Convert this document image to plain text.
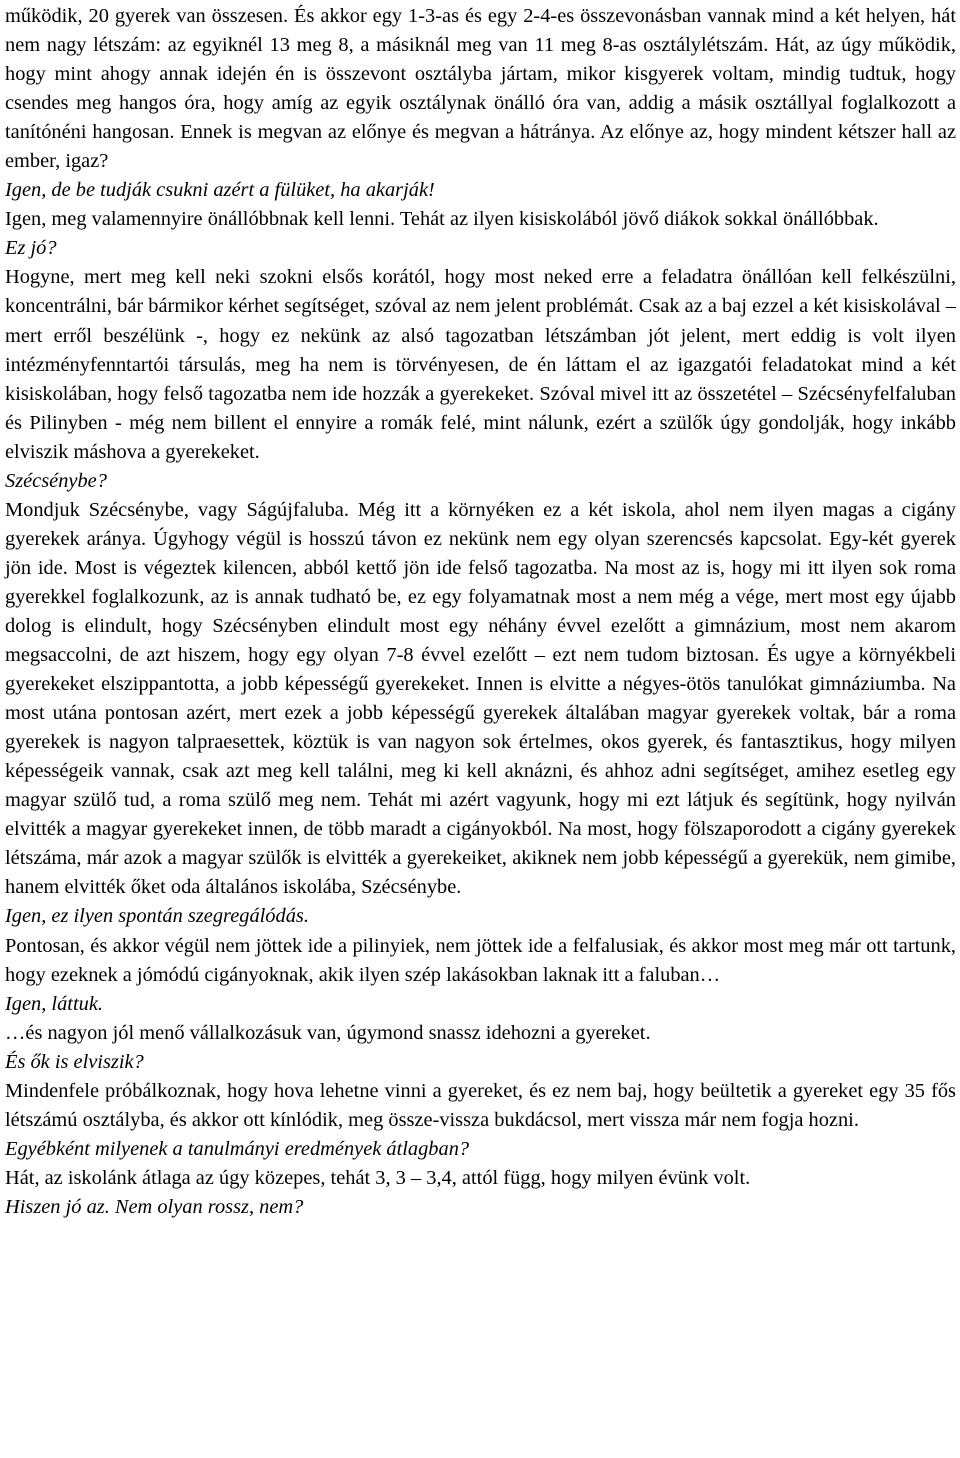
működik, 20 gyerek van összesen. És akkor egy 1-3-as és egy 2-4-es összevonásban vannak mind a két helyen, hát nem nagy létszám: az egyiknél 13 meg 8, a másiknál meg van 11 meg 8-as osztálylétszám. Hát, az úgy működik, hogy mint ahogy annak idején én is összevont osztályba jártam, mikor kisgyerek voltam, mindig tudtuk, hogy csendes meg hangos óra, hogy amíg az egyik osztálynak önálló óra van, addig a másik osztállyal foglalkozott a tanítónéni hangosan. Ennek is megvan az előnye és megvan a hátránya. Az előnye az, hogy mindent kétszer hall az ember, igaz?

Igen, de be tudják csukni azért a fülüket, ha akarják!

Igen, meg valamennyire önállóbbnak kell lenni. Tehát az ilyen kisiskolából jövő diákok sokkal önállóbbak.

Ez jó?

Hogyne, mert meg kell neki szokni elsős korától, hogy most neked erre a feladatra önállóan kell felkészülni, koncentrálni, bár bármikor kérhet segítséget, szóval az nem jelent problémát. Csak az a baj ezzel a két kisiskolával – mert erről beszélünk -, hogy ez nekünk az alsó tagozatban létszámban jót jelent, mert eddig is volt ilyen intézményfenntartói társulás, meg ha nem is törvényesen, de én láttam el az igazgatói feladatokat mind a két kisiskolában, hogy felső tagozatba nem ide hozzák a gyerekeket. Szóval mivel itt az összetétel – Szécsényfelfaluban és Pilinyben - még nem billent el ennyire a romák felé, mint nálunk, ezért a szülők úgy gondolják, hogy inkább elviszik máshova a gyerekeket.

Szécsénybe?

Mondjuk Szécsénybe, vagy Ságújfaluba. Még itt a környéken ez a két iskola, ahol nem ilyen magas a cigány gyerekek aránya. Úgyhogy végül is hosszú távon ez nekünk nem egy olyan szerencsés kapcsolat. Egy-két gyerek jön ide. Most is végeztek kilencen, abból kettő jön ide felső tagozatba. Na most az is, hogy mi itt ilyen sok roma gyerekkel foglalkozunk, az is annak tudható be, ez egy folyamatnak most a nem még a vége, mert most egy újabb dolog is elindult, hogy Szécsényben elindult most egy néhány évvel ezelőtt a gimnázium, most nem akarom megsaccolni, de azt hiszem, hogy egy olyan 7-8 évvel ezelőtt – ezt nem tudom biztosan. És ugye a környékbeli gyerekeket elszippantotta, a jobb képességű gyerekeket. Innen is elvitte a négyes-ötös tanulókat gimnáziumba. Na most utána pontosan azért, mert ezek a jobb képességű gyerekek általában magyar gyerekek voltak, bár a roma gyerekek is nagyon talpraesettek, köztük is van nagyon sok értelmes, okos gyerek, és fantasztikus, hogy milyen képességeik vannak, csak azt meg kell találni, meg ki kell aknázni, és ahhoz adni segítséget, amihez esetleg egy magyar szülő tud, a roma szülő meg nem. Tehát mi azért vagyunk, hogy mi ezt látjuk és segítünk, hogy nyilván elvitték a magyar gyerekeket innen, de több maradt a cigányokból. Na most, hogy fölszaporodott a cigány gyerekek létszáma, már azok a magyar szülők is elvitték a gyerekeiket, akiknek nem jobb képességű a gyerekük, nem gimibe, hanem elvitték őket oda általános iskolába, Szécsénybe.

Igen, ez ilyen spontán szegregálódás.

Pontosan, és akkor végül nem jöttek ide a pilinyiek, nem jöttek ide a felfalusiak, és akkor most meg már ott tartunk, hogy ezeknek a jómódú cigányoknak, akik ilyen szép lakásokban laknak itt a faluban…

Igen, láttuk.

…és nagyon jól menő vállalkozásuk van, úgymond snassz idehozni a gyereket.

És ők is elviszik?

Mindenfele próbálkoznak, hogy hova lehetne vinni a gyereket, és ez nem baj, hogy beültetik a gyereket egy 35 fős létszámú osztályba, és akkor ott kínlódik, meg össze-vissza bukdácsol, mert vissza már nem fogja hozni.

Egyébként milyenek a tanulmányi eredmények átlagban?

Hát, az iskolánk átlaga az úgy közepes, tehát 3, 3 – 3,4, attól függ, hogy milyen évünk volt.

Hiszen jó az. Nem olyan rossz, nem?
